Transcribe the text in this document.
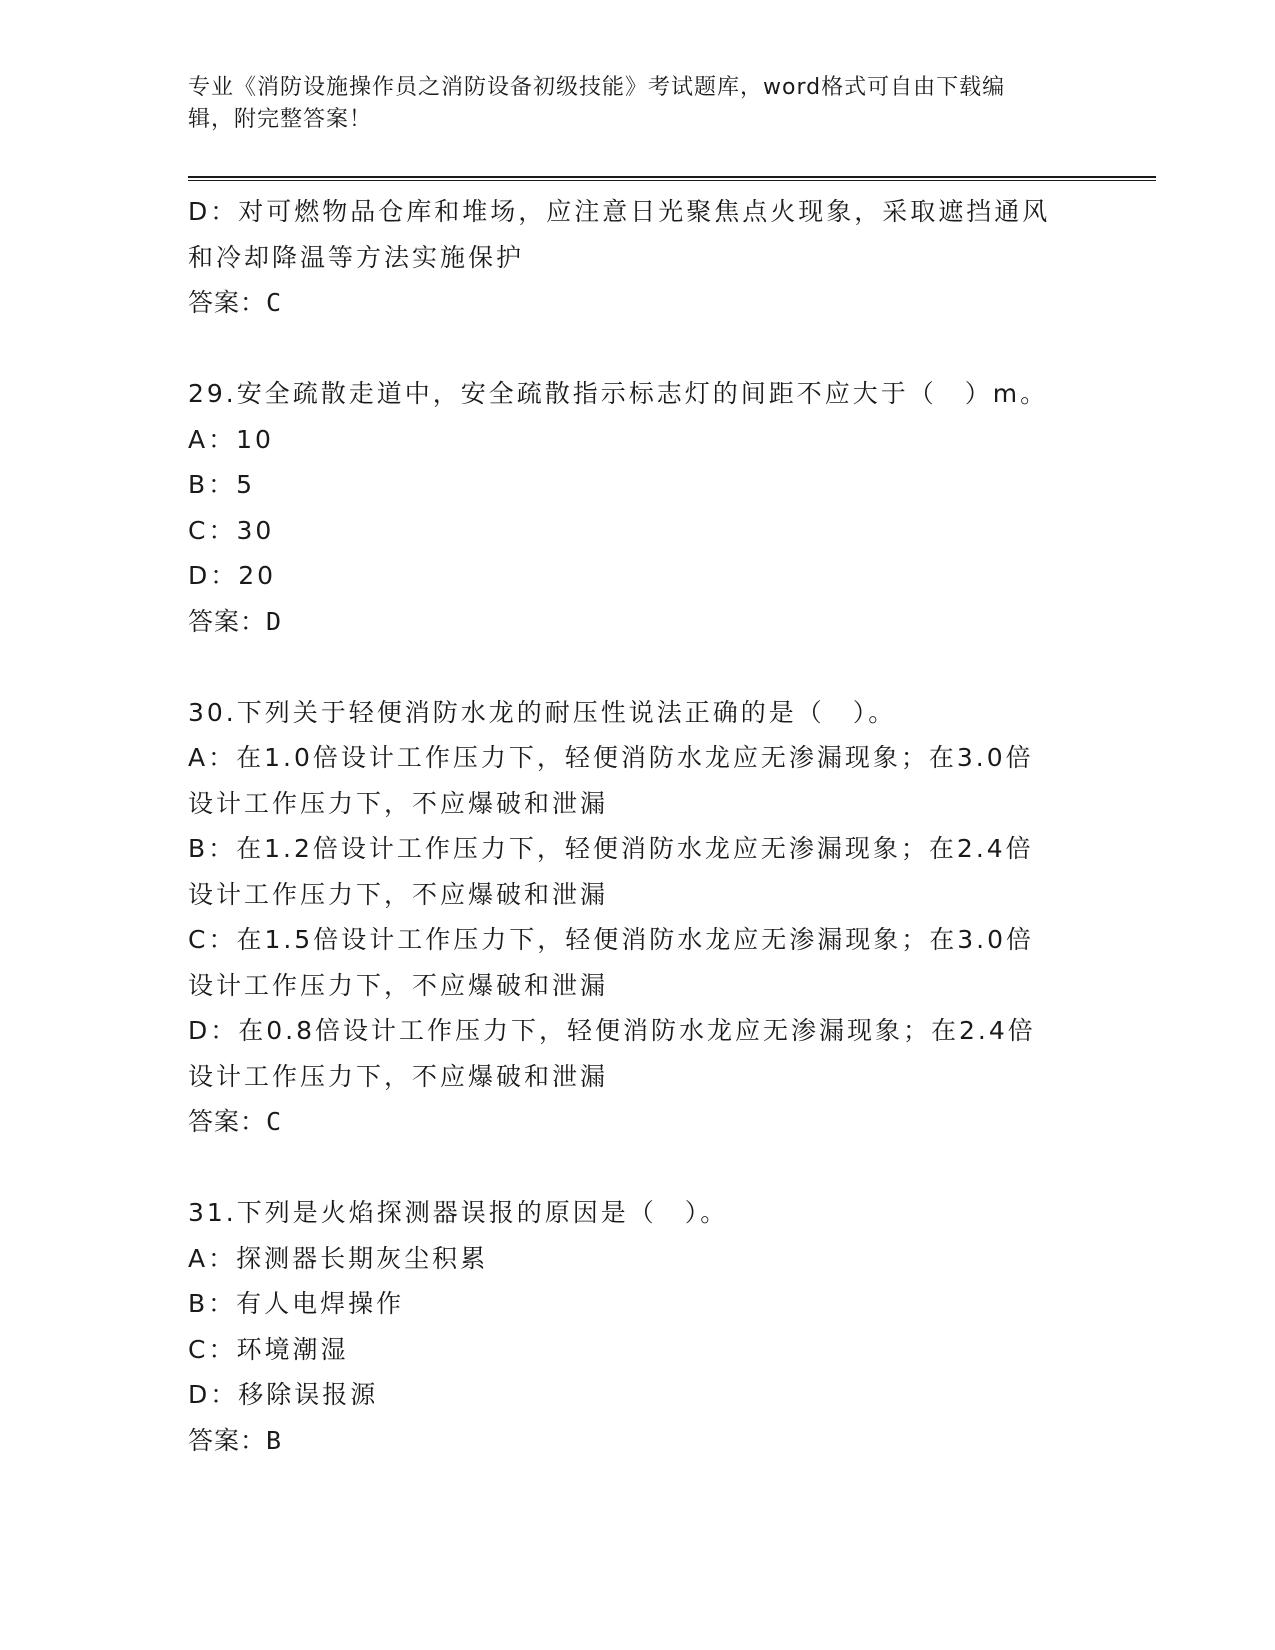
专业《消防设施操作员之消防设备初级技能》考试题库，word格式可自由下载编
辑，附完整答案！
D：对可燃物品仓库和堆场，应注意日光聚焦点火现象，采取遮挡通风
和冷却降温等方法实施保护
答案：C
29.安全疏散走道中，安全疏散指示标志灯的间距不应大于（　）m。
A：10
B：5
C：30
D：20
答案：D
30.下列关于轻便消防水龙的耐压性说法正确的是（　）。
A：在1.0倍设计工作压力下，轻便消防水龙应无渗漏现象；在3.0倍
设计工作压力下，不应爆破和泄漏
B：在1.2倍设计工作压力下，轻便消防水龙应无渗漏现象；在2.4倍
设计工作压力下，不应爆破和泄漏
C：在1.5倍设计工作压力下，轻便消防水龙应无渗漏现象；在3.0倍
设计工作压力下，不应爆破和泄漏
D：在0.8倍设计工作压力下，轻便消防水龙应无渗漏现象；在2.4倍
设计工作压力下，不应爆破和泄漏
答案：C
31.下列是火焰探测器误报的原因是（　）。
A：探测器长期灰尘积累
B：有人电焊操作
C：环境潮湿
D：移除误报源
答案：B
